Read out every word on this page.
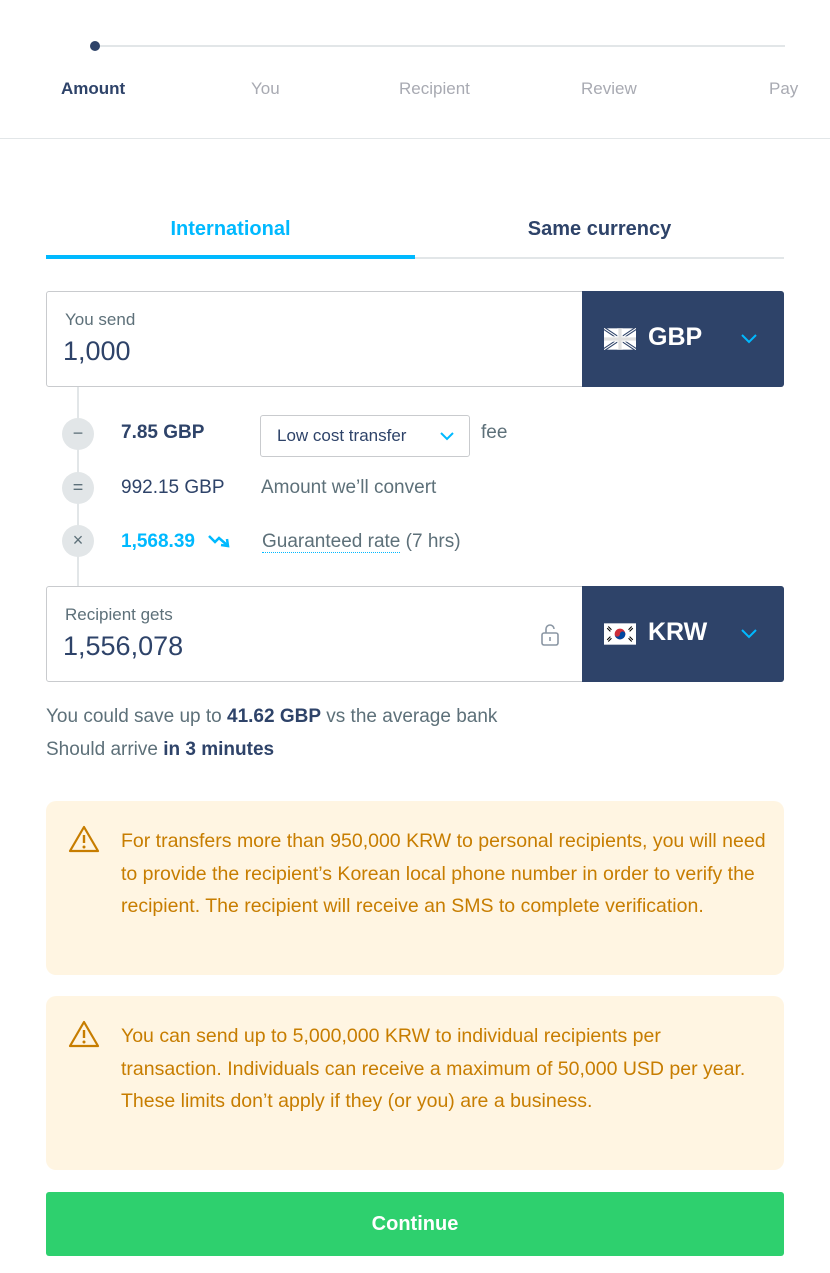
Amount	You	Recipient	Review	Pay
International	Same currency
You send
1,000
GBP
−	7.85 GBP	Low cost transfer	fee
=	992.15 GBP Amount we’ll convert
×	1,568.39	Guaranteed rate (7 hrs)
Recipient gets
1,556,078
KRW
You could save up to 41.62 GBP vs the average bank
Should arrive in 3 minutes
For transfers more than 950,000 KRW to personal recipients, you will need to provide the recipient’s Korean local phone number in order to verify the recipient. The recipient will receive an SMS to complete verification.
You can send up to 5,000,000 KRW to individual recipients per transaction. Individuals can receive a maximum of 50,000 USD per year. These limits don’t apply if they (or you) are a business.
Continue
